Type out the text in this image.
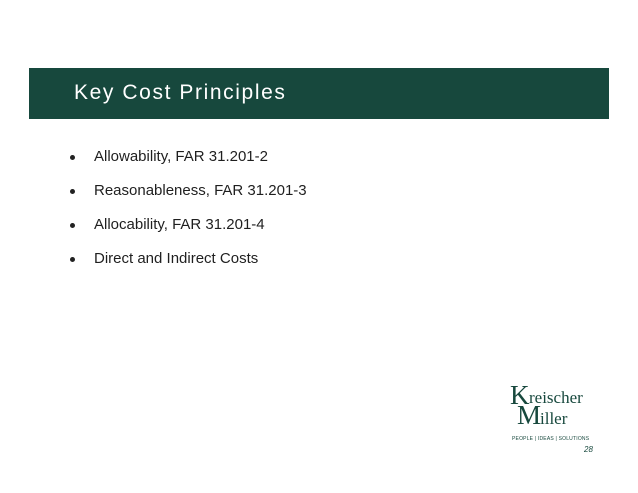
Key Cost Principles
Allowability, FAR 31.201-2
Reasonableness, FAR 31.201-3
Allocability, FAR 31.201-4
Direct and Indirect Costs
K reischer
M
iller
PEOPLE | IDEAS | SOLUTIONS
28
